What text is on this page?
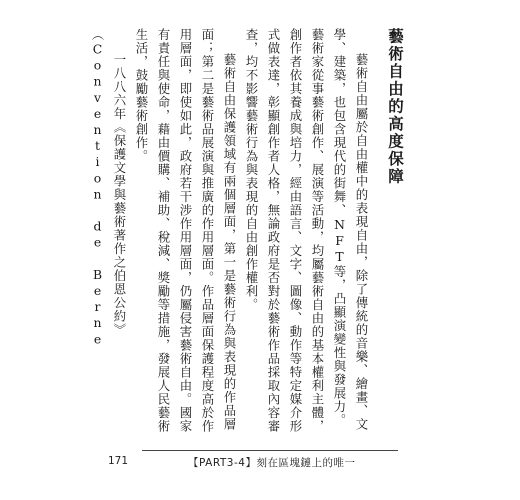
藝術自由的高度保障

藝術自由屬於自由權中的表現自由，除了傳統的音樂、繪畫、文學、建築，也包含現代的街舞、NFT等，凸顯演變性與發展力。藝術家從事藝術創作、展演等活動，均屬藝術自由的基本權利主體，創作者依其養成與培力，經由語言、文字、圖像、動作等特定媒介形式做表達，彰顯創作者人格，無論政府是否對於藝術作品採取內容審查，均不影響藝術行為與表現的自由創作權利。

藝術自由保護領域有兩個層面，第一是藝術行為與表現的作品層面；第二是藝術品展演與推廣的作用層面。作品層面保護程度高於作用層面，即使如此，政府若干涉作用層面，仍屬侵害藝術自由。國家有責任與使命，藉由價購、補助、稅減、獎勵等措施，發展人民藝術生活，鼓勵藝術創作。

一八八六年《保護文學與藝術著作之伯恩公約》（Convention de Berne

171	【PART3-4】刻在區塊鏈上的唯一
